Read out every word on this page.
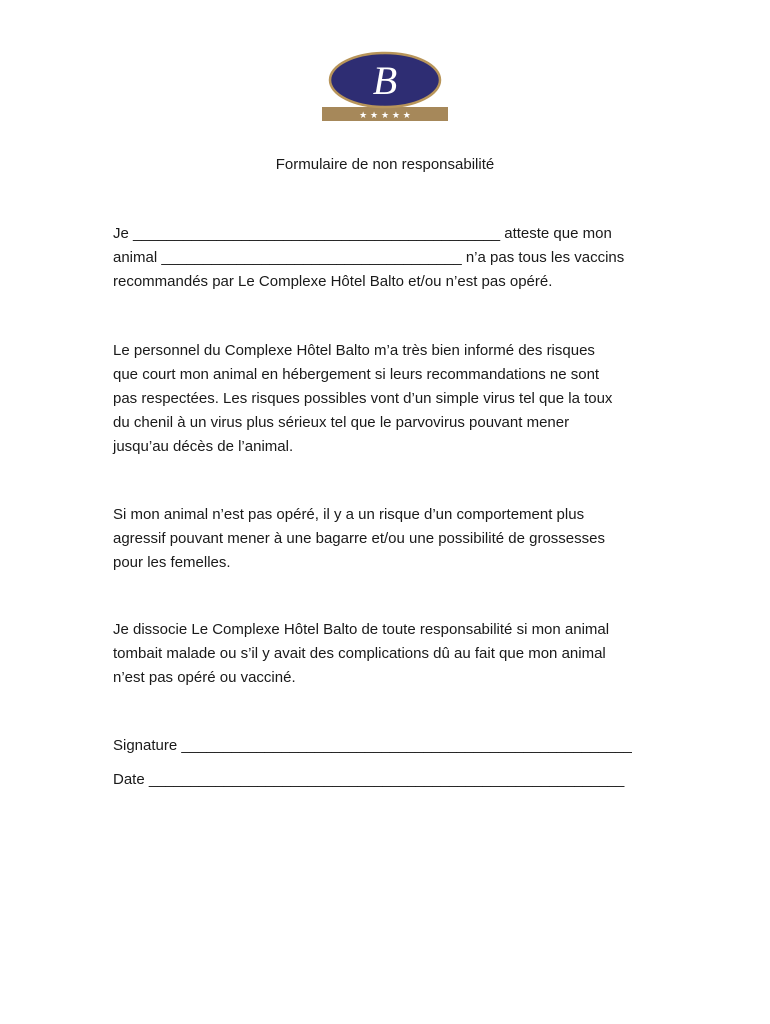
B
★ ★ ★ ★ ★
Formulaire de non responsabilité

Je ____________________________________________ atteste que mon
animal ____________________________________ n’a pas tous les vaccins
recommandés par Le Complexe Hôtel Balto et/ou n’est pas opéré.

Le personnel du Complexe Hôtel Balto m’a très bien informé des risques
que court mon animal en hébergement si leurs recommandations ne sont
pas respectées. Les risques possibles vont d’un simple virus tel que la toux
du chenil à un virus plus sérieux tel que le parvovirus pouvant mener
jusqu’au décès de l’animal.

Si mon animal n’est pas opéré, il y a un risque d’un comportement plus
agressif pouvant mener à une bagarre et/ou une possibilité de grossesses
pour les femelles.

Je dissocie Le Complexe Hôtel Balto de toute responsabilité si mon animal
tombait malade ou s’il y avait des complications dû au fait que mon animal
n’est pas opéré ou vacciné.

Signature ______________________________________________________

Date _________________________________________________________
